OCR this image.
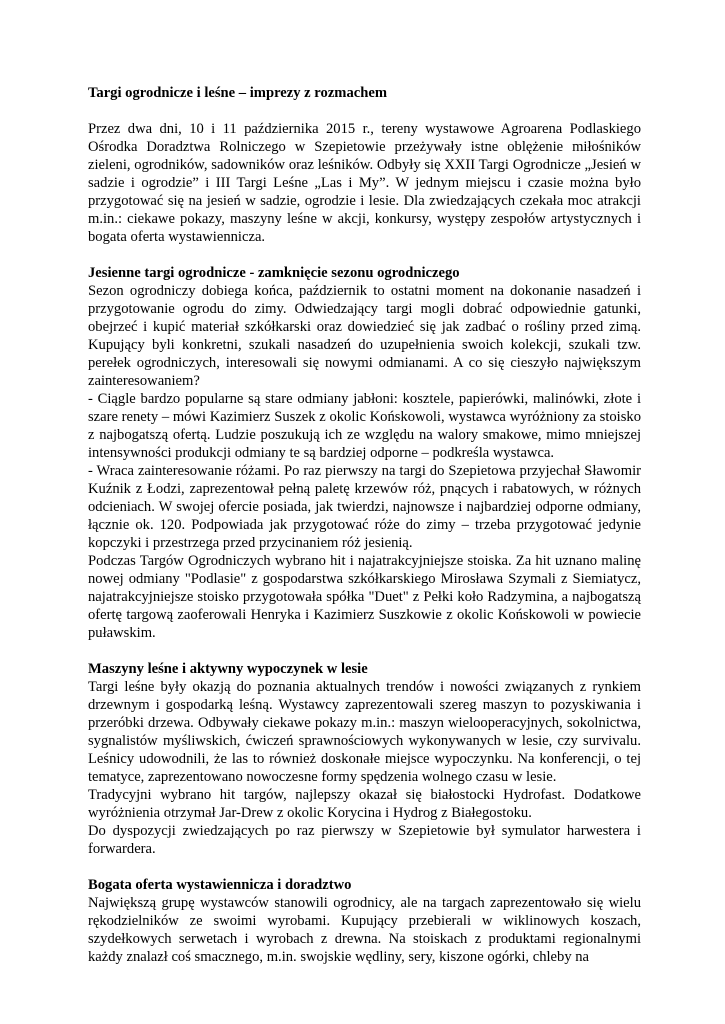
Targi ogrodnicze i leśne – imprezy z rozmachem

Przez dwa dni, 10 i 11 października 2015 r., tereny wystawowe Agroarena Podlaskiego Ośrodka Doradztwa Rolniczego w Szepietowie przeżywały istne oblężenie miłośników zieleni, ogrodników, sadowników oraz leśników. Odbyły się XXII Targi Ogrodnicze „Jesień w sadzie i ogrodzie” i III Targi Leśne „Las i My”. W jednym miejscu i czasie można było przygotować się na jesień w sadzie, ogrodzie i lesie. Dla zwiedzających czekała moc atrakcji m.in.: ciekawe pokazy, maszyny leśne w akcji, konkursy, występy zespołów artystycznych i bogata oferta wystawiennicza.

Jesienne targi ogrodnicze - zamknięcie sezonu ogrodniczego

Sezon ogrodniczy dobiega końca, październik to ostatni moment na dokonanie nasadzeń i przygotowanie ogrodu do zimy. Odwiedzający targi mogli dobrać odpowiednie gatunki, obejrzeć i kupić materiał szkółkarski oraz dowiedzieć się jak zadbać o rośliny przed zimą. Kupujący byli konkretni, szukali nasadzeń do uzupełnienia swoich kolekcji, szukali tzw. perełek ogrodniczych, interesowali się nowymi odmianami. A co się cieszyło największym zainteresowaniem?

- Ciągle bardzo popularne są stare odmiany jabłoni: kosztele, papierówki, malinówki, złote i szare renety – mówi Kazimierz Suszek z okolic Końskowoli, wystawca wyróżniony za stoisko z najbogatszą ofertą. Ludzie poszukują ich ze względu na walory smakowe, mimo mniejszej intensywności produkcji odmiany te są bardziej odporne – podkreśla wystawca.

- Wraca zainteresowanie różami. Po raz pierwszy na targi do Szepietowa przyjechał Sławomir Kuźnik z Łodzi, zaprezentował pełną paletę krzewów róż, pnących i rabatowych, w różnych odcieniach. W swojej ofercie posiada, jak twierdzi, najnowsze i najbardziej odporne odmiany, łącznie ok. 120. Podpowiada jak przygotować róże do zimy – trzeba przygotować jedynie kopczyki i przestrzega przed przycinaniem róż jesienią.

Podczas Targów Ogrodniczych wybrano hit i najatrakcyjniejsze stoiska. Za hit uznano malinę nowej odmiany "Podlasie" z gospodarstwa szkółkarskiego Mirosława Szymali z Siemiatycz, najatrakcyjniejsze stoisko przygotowała spółka "Duet" z Pełki koło Radzymina, a najbogatszą ofertę targową zaoferowali Henryka i Kazimierz Suszkowie z okolic Końskowoli w powiecie puławskim.

Maszyny leśne i aktywny wypoczynek w lesie

Targi leśne były okazją do poznania aktualnych trendów i nowości związanych z rynkiem drzewnym i gospodarką leśną. Wystawcy zaprezentowali szereg maszyn to pozyskiwania i przeróbki drzewa. Odbywały ciekawe pokazy m.in.: maszyn wielooperacyjnych, sokolnictwa, sygnalistów myśliwskich, ćwiczeń sprawnościowych wykonywanych w lesie, czy survivalu. Leśnicy udowodnili, że las to również doskonałe miejsce wypoczynku. Na konferencji, o tej tematyce, zaprezentowano nowoczesne formy spędzenia wolnego czasu w lesie.

Tradycyjni wybrano hit targów, najlepszy okazał się białostocki Hydrofast. Dodatkowe wyróżnienia otrzymał Jar-Drew z okolic Korycina i Hydrog z Białegostoku.

Do dyspozycji zwiedzających po raz pierwszy w Szepietowie był symulator harwestera i forwardera.

Bogata oferta wystawiennicza i doradztwo

Największą grupę wystawców stanowili ogrodnicy, ale na targach zaprezentowało się wielu rękodzielników ze swoimi wyrobami. Kupujący przebierali w wiklinowych koszach, szydełkowych serwetach i wyrobach z drewna. Na stoiskach z produktami regionalnymi każdy znalazł coś smacznego, m.in. swojskie wędliny, sery, kiszone ogórki, chleby na
